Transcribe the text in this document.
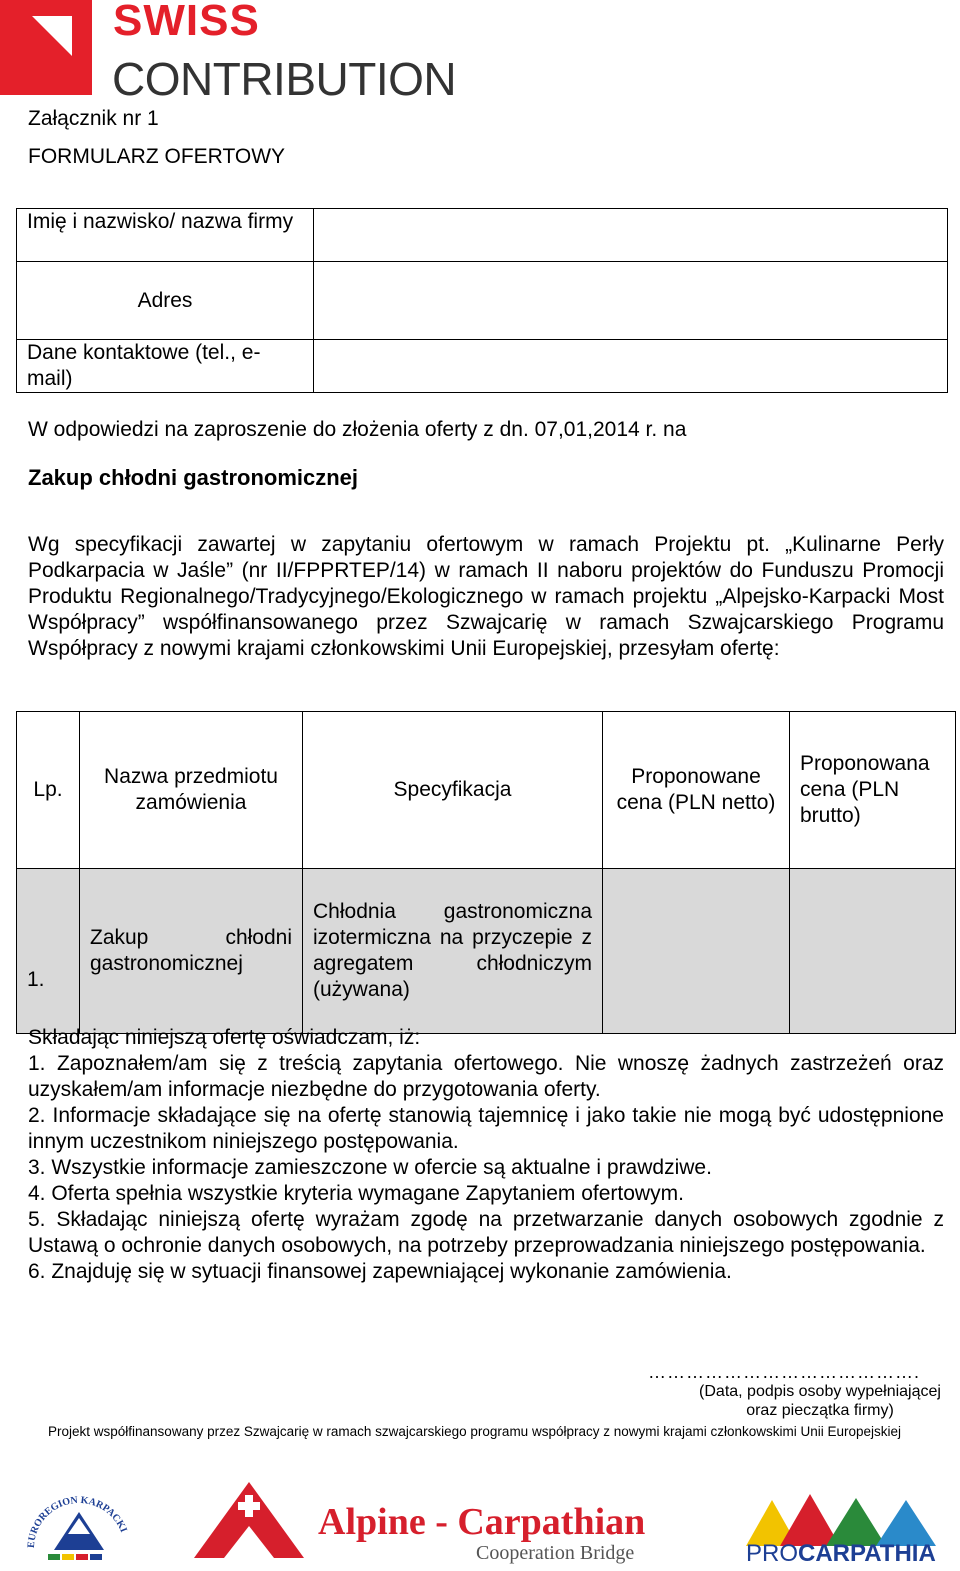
SWISS
CONTRIBUTION
Załącznik nr 1
FORMULARZ OFERTOWY
Imię i nazwisko/ nazwa firmy	

Adres	
Dane kontaktowe (tel., e-mail)	
W odpowiedzi na zaproszenie do złożenia oferty z dn. 07,01,2014 r. na
Zakup chłodni gastronomicznej
Wg specyfikacji zawartej w zapytaniu ofertowym w ramach Projektu pt. „Kulinarne Perły Podkarpacia w Jaśle” (nr II/FPPRTEP/14) w ramach II naboru projektów do Funduszu Promocji Produktu Regionalnego/Tradycyjnego/Ekologicznego w ramach projektu „Alpejsko-Karpacki Most Współpracy” współfinansowanego przez Szwajcarię w ramach Szwajcarskiego Programu Współpracy z nowymi krajami członkowskimi Unii Europejskiej, przesyłam ofertę:
Lp.	Nazwa przedmiotu zamówienia	Specyfikacja	Proponowane cena (PLN netto)	Proponowana cena (PLN brutto)
1.	Zakup chłodni gastronomicznej	Chłodnia gastronomiczna izotermiczna na przyczepie z agregatem chłodniczym (używana)		

Składając niniejszą ofertę oświadczam, iż:
1. Zapoznałem/am się z treścią zapytania ofertowego. Nie wnoszę żadnych zastrzeżeń oraz uzyskałem/am informacje niezbędne do przygotowania oferty.
2. Informacje składające się na ofertę stanowią tajemnicę i jako takie nie mogą być udostępnione innym uczestnikom niniejszego postępowania.
3. Wszystkie informacje zamieszczone w ofercie są aktualne i prawdziwe.
4. Oferta spełnia wszystkie kryteria wymagane Zapytaniem ofertowym.
5. Składając niniejszą ofertę wyrażam zgodę na przetwarzanie danych osobowych zgodnie z Ustawą o ochronie danych osobowych, na potrzeby przeprowadzania niniejszego postępowania.
6. Znajduję się w sytuacji finansowej zapewniającej wykonanie zamówienia.
…………………………………….
(Data, podpis osoby wypełniającej oraz pieczątka firmy)
Projekt współfinansowany przez Szwajcarię w ramach szwajcarskiego programu współpracy z nowymi krajami członkowskimi Unii Europejskiej
EUROREGION KARPACKI	Alpine - Carpathian
Cooperation Bridge	PROCARPATHIA
